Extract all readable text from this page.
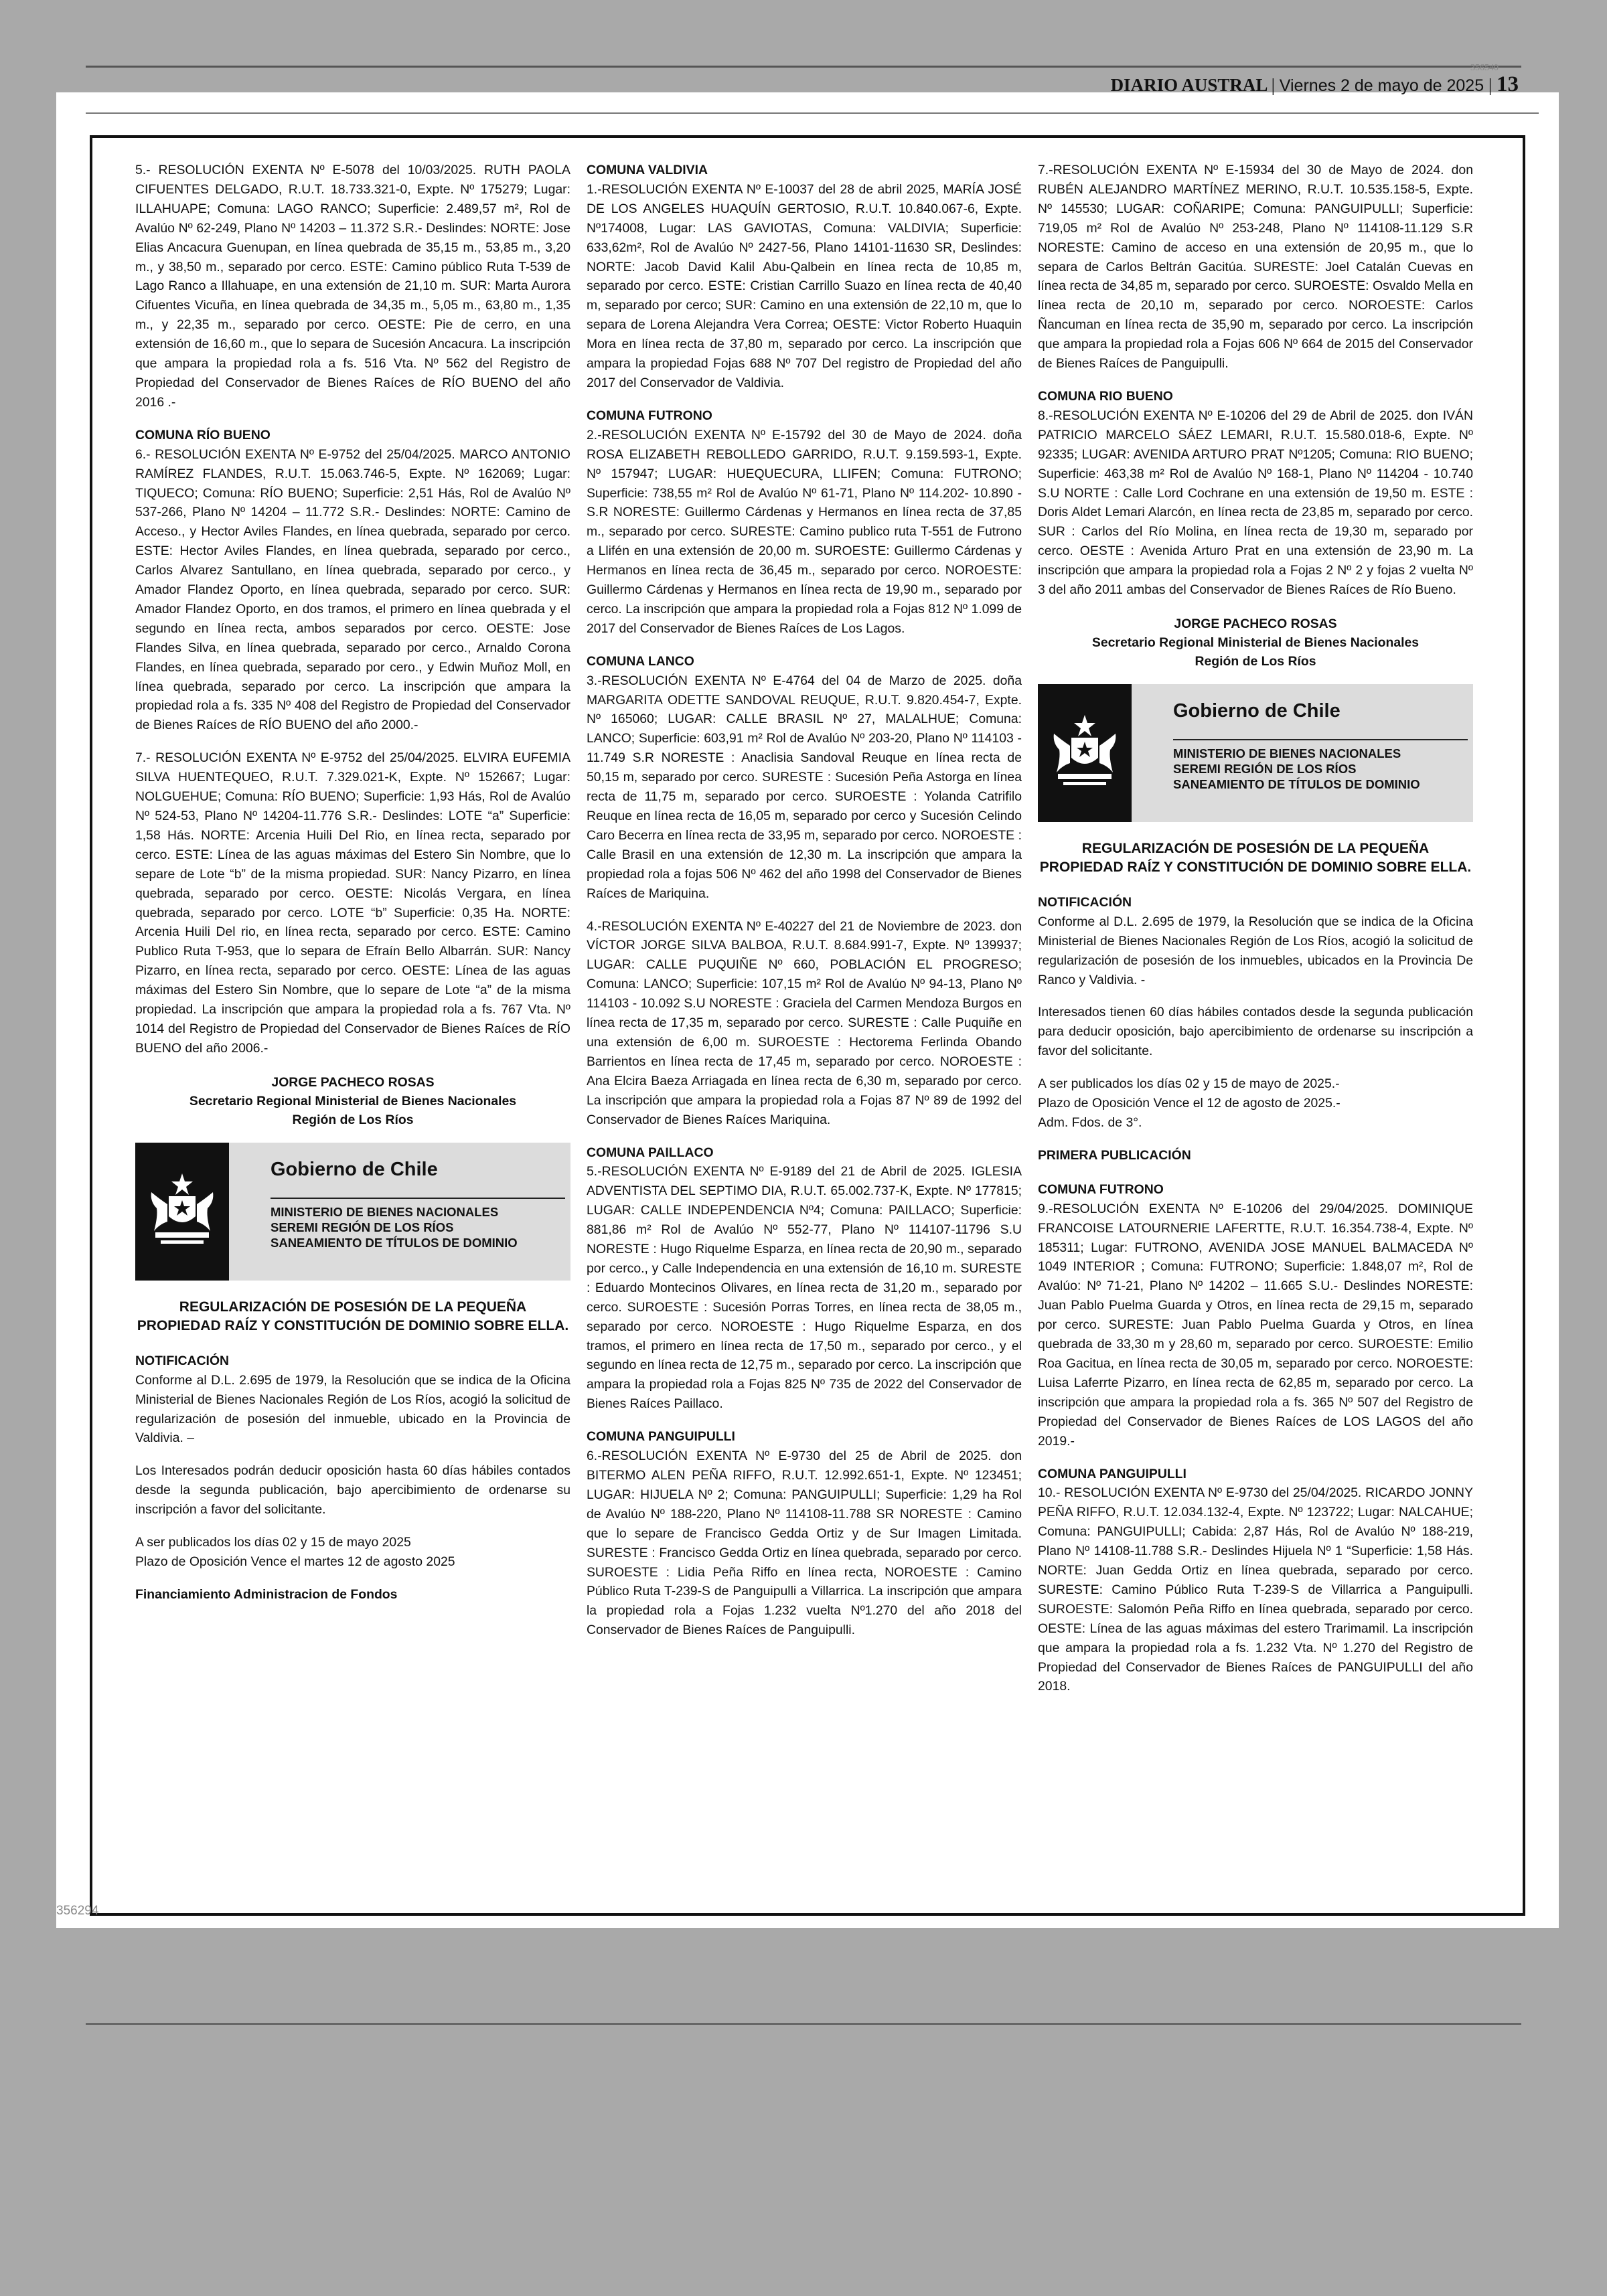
356540
DIARIO AUSTRAL | Viernes 2 de mayo de 2025 | 13

5.- RESOLUCIÓN EXENTA Nº E-5078 del 10/03/2025. RUTH PAOLA CIFUENTES DELGADO, R.U.T. 18.733.321-0, Expte. Nº 175279; Lugar: ILLAHUAPE; Comuna: LAGO RANCO; Superficie: 2.489,57 m², Rol de Avalúo Nº 62-249, Plano Nº 14203 – 11.372 S.R.- Deslindes: NORTE: Jose Elias Ancacura Guenupan, en línea quebrada de 35,15 m., 53,85 m., 3,20 m., y 38,50 m., separado por cerco. ESTE: Camino público Ruta T-539 de Lago Ranco a Illahuape, en una extensión de 21,10 m. SUR: Marta Aurora Cifuentes Vicuña, en línea quebrada de 34,35 m., 5,05 m., 63,80 m., 1,35 m., y 22,35 m., separado por cerco. OESTE: Pie de cerro, en una extensión de 16,60 m., que lo separa de Sucesión Ancacura. La inscripción que ampara la propiedad rola a fs. 516 Vta. Nº 562 del Registro de Propiedad del Conservador de Bienes Raíces de RÍO BUENO del año 2016 .-

COMUNA RÍO BUENO

6.- RESOLUCIÓN EXENTA Nº E-9752 del 25/04/2025. MARCO ANTONIO RAMÍREZ FLANDES, R.U.T. 15.063.746-5, Expte. Nº 162069; Lugar: TIQUECO; Comuna: RÍO BUENO; Superficie: 2,51 Hás, Rol de Avalúo Nº 537-266, Plano Nº 14204 – 11.772 S.R.- Deslindes: NORTE: Camino de Acceso., y Hector Aviles Flandes, en línea quebrada, separado por cerco. ESTE: Hector Aviles Flandes, en línea quebrada, separado por cerco., Carlos Alvarez Santullano, en línea quebrada, separado por cerco., y Amador Flandez Oporto, en línea quebrada, separado por cerco. SUR: Amador Flandez Oporto, en dos tramos, el primero en línea quebrada y el segundo en línea recta, ambos separados por cerco. OESTE: Jose Flandes Silva, en línea quebrada, separado por cerco., Arnaldo Corona Flandes, en línea quebrada, separado por cero., y Edwin Muñoz Moll, en línea quebrada, separado por cerco. La inscripción que ampara la propiedad rola a fs. 335 Nº 408 del Registro de Propiedad del Conservador de Bienes Raíces de RÍO BUENO del año 2000.-

7.- RESOLUCIÓN EXENTA Nº E-9752 del 25/04/2025. ELVIRA EUFEMIA SILVA HUENTEQUEO, R.U.T. 7.329.021-K, Expte. Nº 152667; Lugar: NOLGUEHUE; Comuna: RÍO BUENO; Superficie: 1,93 Hás, Rol de Avalúo Nº 524-53, Plano Nº 14204-11.776 S.R.- Deslindes: LOTE “a” Superficie: 1,58 Hás. NORTE: Arcenia Huili Del Rio, en línea recta, separado por cerco. ESTE: Línea de las aguas máximas del Estero Sin Nombre, que lo separe de Lote “b” de la misma propiedad. SUR: Nancy Pizarro, en línea quebrada, separado por cerco. OESTE: Nicolás Vergara, en línea quebrada, separado por cerco. LOTE “b” Superficie: 0,35 Ha. NORTE: Arcenia Huili Del rio, en línea recta, separado por cerco. ESTE: Camino Publico Ruta T-953, que lo separa de Efraín Bello Albarrán. SUR: Nancy Pizarro, en línea recta, separado por cerco. OESTE: Línea de las aguas máximas del Estero Sin Nombre, que lo separe de Lote “a” de la misma propiedad. La inscripción que ampara la propiedad rola a fs. 767 Vta. Nº 1014 del Registro de Propiedad del Conservador de Bienes Raíces de RÍO BUENO del año 2006.-

JORGE PACHECO ROSAS
Secretario Regional Ministerial de Bienes Nacionales
Región de Los Ríos

Gobierno de Chile
MINISTERIO DE BIENES NACIONALES
SEREMI REGIÓN DE LOS RÍOS
SANEAMIENTO DE TÍTULOS DE DOMINIO

REGULARIZACIÓN DE POSESIÓN DE LA PEQUEÑA
PROPIEDAD RAÍZ Y CONSTITUCIÓN DE DOMINIO SOBRE ELLA.

NOTIFICACIÓN

Conforme al D.L. 2.695 de 1979, la Resolución que se indica de la Oficina Ministerial de Bienes Nacionales Región de Los Ríos, acogió la solicitud de regularización de posesión del inmueble, ubicado en la Provincia de Valdivia. –

Los Interesados podrán deducir oposición hasta 60 días hábiles contados desde la segunda publicación, bajo apercibimiento de ordenarse su inscripción a favor del solicitante.

A ser publicados los días 02 y 15 de mayo 2025
Plazo de Oposición Vence el martes 12 de agosto 2025

Financiamiento Administracion de Fondos

COMUNA VALDIVIA

1.-RESOLUCIÓN EXENTA Nº E-10037 del 28 de abril 2025, MARÍA JOSÉ DE LOS ANGELES HUAQUÍN GERTOSIO, R.U.T. 10.840.067-6, Expte. Nº174008, Lugar: LAS GAVIOTAS, Comuna: VALDIVIA; Superficie: 633,62m², Rol de Avalúo Nº 2427-56, Plano 14101-11630 SR, Deslindes: NORTE: Jacob David Kalil Abu-Qalbein en línea recta de 10,85 m, separado por cerco. ESTE: Cristian Carrillo Suazo en línea recta de 40,40 m, separado por cerco; SUR: Camino en una extensión de 22,10 m, que lo separa de Lorena Alejandra Vera Correa; OESTE: Victor Roberto Huaquin Mora en línea recta de 37,80 m, separado por cerco. La inscripción que ampara la propiedad Fojas 688 Nº 707 Del registro de Propiedad del año 2017 del Conservador de Valdivia.

COMUNA FUTRONO

2.-RESOLUCIÓN EXENTA Nº E-15792 del 30 de Mayo de 2024. doña ROSA ELIZABETH REBOLLEDO GARRIDO, R.U.T. 9.159.593-1, Expte. Nº 157947; LUGAR: HUEQUECURA, LLIFEN; Comuna: FUTRONO; Superficie: 738,55 m² Rol de Avalúo Nº 61-71, Plano Nº 114.202- 10.890 -S.R NORESTE: Guillermo Cárdenas y Hermanos en línea recta de 37,85 m., separado por cerco. SURESTE: Camino publico ruta T-551 de Futrono a Llifén en una extensión de 20,00 m. SUROESTE: Guillermo Cárdenas y Hermanos en línea recta de 36,45 m., separado por cerco. NOROESTE: Guillermo Cárdenas y Hermanos en línea recta de 19,90 m., separado por cerco. La inscripción que ampara la propiedad rola a Fojas 812 Nº 1.099 de 2017 del Conservador de Bienes Raíces de Los Lagos.

COMUNA LANCO

3.-RESOLUCIÓN EXENTA Nº E-4764 del 04 de Marzo de 2025. doña MARGARITA ODETTE SANDOVAL REUQUE, R.U.T. 9.820.454-7, Expte. Nº 165060; LUGAR: CALLE BRASIL Nº 27, MALALHUE; Comuna: LANCO; Superficie: 603,91 m² Rol de Avalúo Nº 203-20, Plano Nº 114103 - 11.749 S.R NORESTE : Anaclisia Sandoval Reuque en línea recta de 50,15 m, separado por cerco. SURESTE : Sucesión Peña Astorga en línea recta de 11,75 m, separado por cerco. SUROESTE : Yolanda Catrifilo Reuque en línea recta de 16,05 m, separado por cerco y Sucesión Celindo Caro Becerra en línea recta de 33,95 m, separado por cerco. NOROESTE : Calle Brasil en una extensión de 12,30 m. La inscripción que ampara la propiedad rola a fojas 506 Nº 462 del año 1998 del Conservador de Bienes Raíces de Mariquina.

4.-RESOLUCIÓN EXENTA Nº E-40227 del 21 de Noviembre de 2023. don VÍCTOR JORGE SILVA BALBOA, R.U.T. 8.684.991-7, Expte. Nº 139937; LUGAR: CALLE PUQUIÑE Nº 660, POBLACIÓN EL PROGRESO; Comuna: LANCO; Superficie: 107,15 m² Rol de Avalúo Nº 94-13, Plano Nº 114103 - 10.092 S.U NORESTE : Graciela del Carmen Mendoza Burgos en línea recta de 17,35 m, separado por cerco. SURESTE : Calle Puquiñe en una extensión de 6,00 m. SUROESTE : Hectorema Ferlinda Obando Barrientos en línea recta de 17,45 m, separado por cerco. NOROESTE : Ana Elcira Baeza Arriagada en línea recta de 6,30 m, separado por cerco. La inscripción que ampara la propiedad rola a Fojas 87 Nº 89 de 1992 del Conservador de Bienes Raíces Mariquina.

COMUNA PAILLACO

5.-RESOLUCIÓN EXENTA Nº E-9189 del 21 de Abril de 2025. IGLESIA ADVENTISTA DEL SEPTIMO DIA, R.U.T. 65.002.737-K, Expte. Nº 177815; LUGAR: CALLE INDEPENDENCIA Nº4; Comuna: PAILLACO; Superficie: 881,86 m² Rol de Avalúo Nº 552-77, Plano Nº 114107-11796 S.U NORESTE : Hugo Riquelme Esparza, en línea recta de 20,90 m., separado por cerco., y Calle Independencia en una extensión de 16,10 m. SURESTE : Eduardo Montecinos Olivares, en línea recta de 31,20 m., separado por cerco. SUROESTE : Sucesión Porras Torres, en línea recta de 38,05 m., separado por cerco. NOROESTE : Hugo Riquelme Esparza, en dos tramos, el primero en línea recta de 17,50 m., separado por cerco., y el segundo en línea recta de 12,75 m., separado por cerco. La inscripción que ampara la propiedad rola a Fojas 825 Nº 735 de 2022 del Conservador de Bienes Raíces Paillaco.

COMUNA PANGUIPULLI

6.-RESOLUCIÓN EXENTA Nº E-9730 del 25 de Abril de 2025. don BITERMO ALEN PEÑA RIFFO, R.U.T. 12.992.651-1, Expte. Nº 123451; LUGAR: HIJUELA Nº 2; Comuna: PANGUIPULLI; Superficie: 1,29 ha Rol de Avalúo Nº 188-220, Plano Nº 114108-11.788 SR NORESTE : Camino que lo separe de Francisco Gedda Ortiz y de Sur Imagen Limitada. SURESTE : Francisco Gedda Ortiz en línea quebrada, separado por cerco. SUROESTE : Lidia Peña Riffo en línea recta, NOROESTE : Camino Público Ruta T-239-S de Panguipulli a Villarrica. La inscripción que ampara la propiedad rola a Fojas 1.232 vuelta Nº1.270 del año 2018 del Conservador de Bienes Raíces de Panguipulli.

7.-RESOLUCIÓN EXENTA Nº E-15934 del 30 de Mayo de 2024. don RUBÉN ALEJANDRO MARTÍNEZ MERINO, R.U.T. 10.535.158-5, Expte. Nº 145530; LUGAR: COÑARIPE; Comuna: PANGUIPULLI; Superficie: 719,05 m² Rol de Avalúo Nº 253-248, Plano Nº 114108-11.129 S.R NORESTE: Camino de acceso en una extensión de 20,95 m., que lo separa de Carlos Beltrán Gacitúa. SURESTE: Joel Catalán Cuevas en línea recta de 34,85 m, separado por cerco. SUROESTE: Osvaldo Mella en línea recta de 20,10 m, separado por cerco. NOROESTE: Carlos Ñancuman en línea recta de 35,90 m, separado por cerco. La inscripción que ampara la propiedad rola a Fojas 606 Nº 664 de 2015 del Conservador de Bienes Raíces de Panguipulli.

COMUNA RIO BUENO

8.-RESOLUCIÓN EXENTA Nº E-10206 del 29 de Abril de 2025. don IVÁN PATRICIO MARCELO SÁEZ LEMARI, R.U.T. 15.580.018-6, Expte. Nº 92335; LUGAR: AVENIDA ARTURO PRAT Nº1205; Comuna: RIO BUENO; Superficie: 463,38 m² Rol de Avalúo Nº 168-1, Plano Nº 114204 - 10.740 S.U NORTE : Calle Lord Cochrane en una extensión de 19,50 m. ESTE : Doris Aldet Lemari Alarcón, en línea recta de 23,85 m, separado por cerco. SUR : Carlos del Río Molina, en línea recta de 19,30 m, separado por cerco. OESTE : Avenida Arturo Prat en una extensión de 23,90 m. La inscripción que ampara la propiedad rola a Fojas 2 Nº 2 y fojas 2 vuelta Nº 3 del año 2011 ambas del Conservador de Bienes Raíces de Río Bueno.

JORGE PACHECO ROSAS
Secretario Regional Ministerial de Bienes Nacionales
Región de Los Ríos

Gobierno de Chile
MINISTERIO DE BIENES NACIONALES
SEREMI REGIÓN DE LOS RÍOS
SANEAMIENTO DE TÍTULOS DE DOMINIO

REGULARIZACIÓN DE POSESIÓN DE LA PEQUEÑA
PROPIEDAD RAÍZ Y CONSTITUCIÓN DE DOMINIO SOBRE ELLA.

NOTIFICACIÓN

Conforme al D.L. 2.695 de 1979, la Resolución que se indica de la Oficina Ministerial de Bienes Nacionales Región de Los Ríos, acogió la solicitud de regularización de posesión de los inmuebles, ubicados en la Provincia De Ranco y Valdivia. -

Interesados tienen 60 días hábiles contados desde la segunda publicación para deducir oposición, bajo apercibimiento de ordenarse su inscripción a favor del solicitante.

A ser publicados los días 02 y 15 de mayo de 2025.-
Plazo de Oposición Vence el 12 de agosto de 2025.-
Adm. Fdos. de 3°.

PRIMERA PUBLICACIÓN

COMUNA FUTRONO

9.-RESOLUCIÓN EXENTA Nº E-10206 del 29/04/2025. DOMINIQUE FRANCOISE LATOURNERIE LAFERTTE, R.U.T. 16.354.738-4, Expte. Nº 185311; Lugar: FUTRONO, AVENIDA JOSE MANUEL BALMACEDA Nº 1049 INTERIOR ; Comuna: FUTRONO; Superficie: 1.848,07 m², Rol de Avalúo: Nº 71-21, Plano Nº 14202 – 11.665 S.U.- Deslindes NORESTE: Juan Pablo Puelma Guarda y Otros, en línea recta de 29,15 m, separado por cerco. SURESTE: Juan Pablo Puelma Guarda y Otros, en línea quebrada de 33,30 m y 28,60 m, separado por cerco. SUROESTE: Emilio Roa Gacitua, en línea recta de 30,05 m, separado por cerco. NOROESTE: Luisa Laferrte Pizarro, en línea recta de 62,85 m, separado por cerco. La inscripción que ampara la propiedad rola a fs. 365 Nº 507 del Registro de Propiedad del Conservador de Bienes Raíces de LOS LAGOS del año 2019.-

COMUNA PANGUIPULLI

10.- RESOLUCIÓN EXENTA Nº E-9730 del 25/04/2025. RICARDO JONNY PEÑA RIFFO, R.U.T. 12.034.132-4, Expte. Nº 123722; Lugar: NALCAHUE; Comuna: PANGUIPULLI; Cabida: 2,87 Hás, Rol de Avalúo Nº 188-219, Plano Nº 14108-11.788 S.R.- Deslindes Hijuela Nº 1 “Superficie: 1,58 Hás. NORTE: Juan Gedda Ortiz en línea quebrada, separado por cerco. SURESTE: Camino Público Ruta T-239-S de Villarrica a Panguipulli. SUROESTE: Salomón Peña Riffo en línea quebrada, separado por cerco. OESTE: Línea de las aguas máximas del estero Trarimamil. La inscripción que ampara la propiedad rola a fs. 1.232 Vta. Nº 1.270 del Registro de Propiedad del Conservador de Bienes Raíces de PANGUIPULLI del año 2018.

356294
